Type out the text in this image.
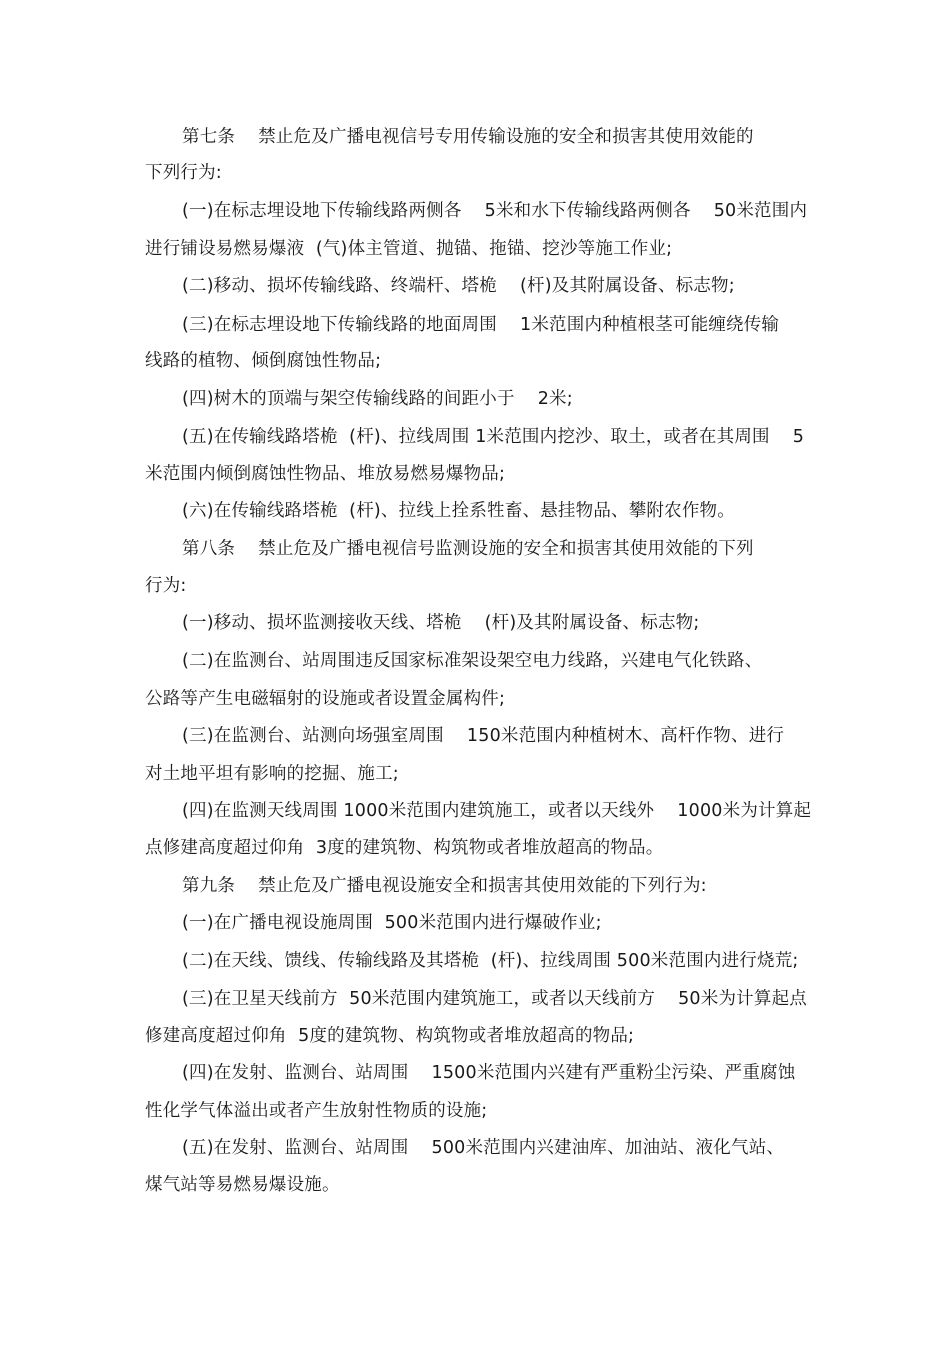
第七条    禁止危及广播电视信号专用传输设施的安全和损害其使用效能的
下列行为:
(一)在标志埋设地下传输线路两侧各    5米和水下传输线路两侧各    50米范围内
进行铺设易燃易爆液  (气)体主管道、抛锚、拖锚、挖沙等施工作业;
(二)移动、损坏传输线路、终端杆、塔桅    (杆)及其附属设备、标志物;
(三)在标志埋设地下传输线路的地面周围    1米范围内种植根茎可能缠绕传输
线路的植物、倾倒腐蚀性物品;
(四)树木的顶端与架空传输线路的间距小于    2米;
(五)在传输线路塔桅  (杆)、拉线周围 1米范围内挖沙、取土，或者在其周围    5
米范围内倾倒腐蚀性物品、堆放易燃易爆物品;
(六)在传输线路塔桅  (杆)、拉线上拴系牲畜、悬挂物品、攀附农作物。
第八条    禁止危及广播电视信号监测设施的安全和损害其使用效能的下列
行为:
(一)移动、损坏监测接收天线、塔桅    (杆)及其附属设备、标志物;
(二)在监测台、站周围违反国家标准架设架空电力线路，兴建电气化铁路、
公路等产生电磁辐射的设施或者设置金属构件;
(三)在监测台、站测向场强室周围    150米范围内种植树木、高杆作物、进行
对土地平坦有影响的挖掘、施工;
(四)在监测天线周围 1000米范围内建筑施工，或者以天线外    1000米为计算起
点修建高度超过仰角  3度的建筑物、构筑物或者堆放超高的物品。
第九条    禁止危及广播电视设施安全和损害其使用效能的下列行为:
(一)在广播电视设施周围  500米范围内进行爆破作业;
(二)在天线、馈线、传输线路及其塔桅  (杆)、拉线周围 500米范围内进行烧荒;
(三)在卫星天线前方  50米范围内建筑施工，或者以天线前方    50米为计算起点
修建高度超过仰角  5度的建筑物、构筑物或者堆放超高的物品;
(四)在发射、监测台、站周围    1500米范围内兴建有严重粉尘污染、严重腐蚀
性化学气体溢出或者产生放射性物质的设施;
(五)在发射、监测台、站周围    500米范围内兴建油库、加油站、液化气站、
煤气站等易燃易爆设施。
